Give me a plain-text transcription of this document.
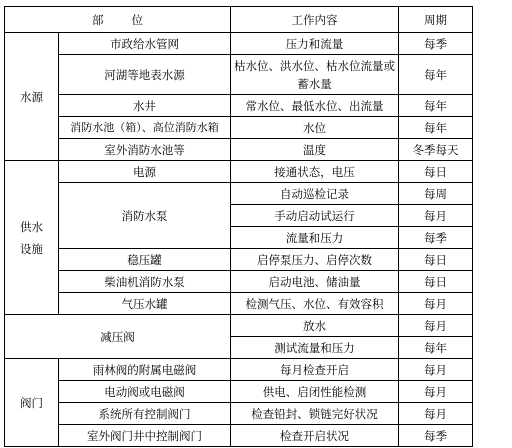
部 位		工作内容	周期
水源	市政给水管网	压力和流量	每季
	河湖等地表水源	枯水位、洪水位、枯水位流量或蓄水量	每年
	水井	常水位、最低水位、出流量	每年
	消防水池（箱）、高位消防水箱	水位	每年
	室外消防水池等	温度	冬季每天

供水设施	电源	接通状态，电压	每日
	消防水泵	自动巡检记录	每周
		手动启动试运行	每月
		流量和压力	每季
	稳压罐	启停泵压力、启停次数	每日
	柴油机消防水泵	启动电池、储油量	每日
	气压水罐	检测气压、水位、有效容积	每月
减压阀		放水	每月
		测试流量和压力	每年
阀门	雨林阀的附属电磁阀	每月检查开启	每月
	电动阀或电磁阀	供电、启闭性能检测	每月
	系统所有控制阀门	检查铅封、锁链完好状况	每月
	室外阀门井中控制阀门	检查开启状况	每季
